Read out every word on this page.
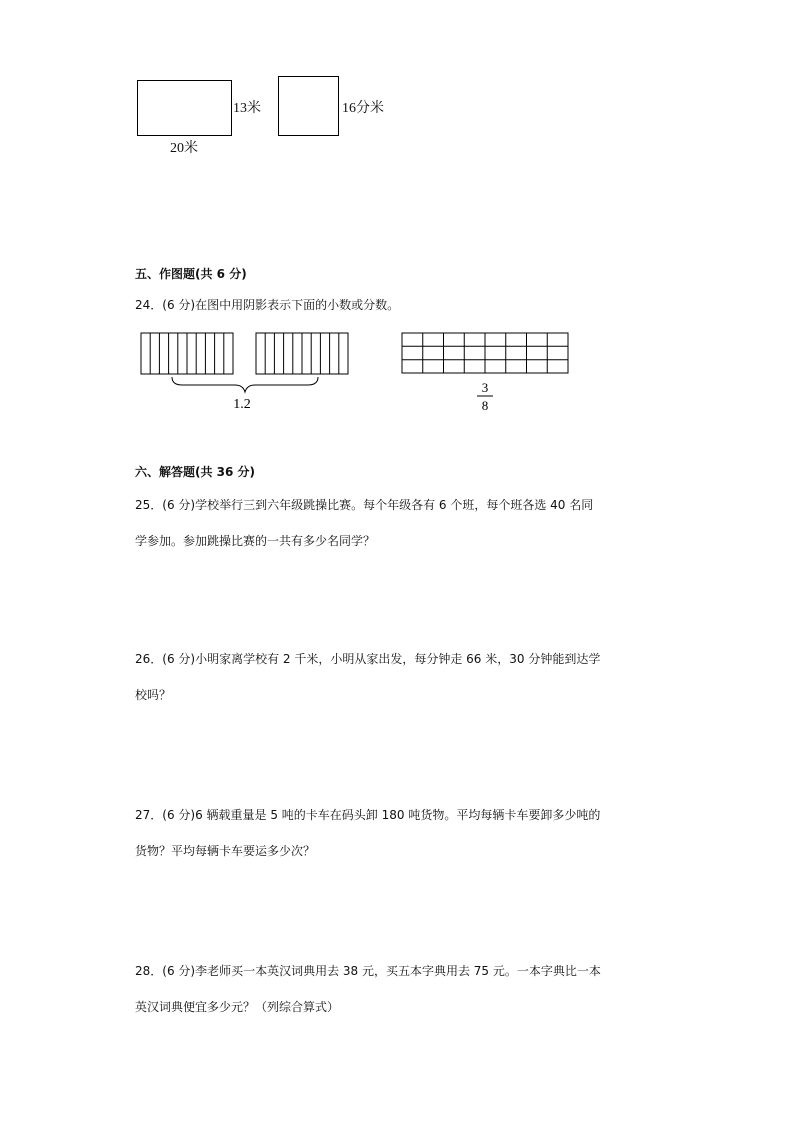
13米
20米
16分米
五、作图题(共 6 分)

24．(6 分)在图中用阴影表示下面的小数或分数。

1.2
3
8
六、解答题(共 36 分)

25．(6 分)学校举行三到六年级跳操比赛。每个年级各有 6 个班，每个班各选 40 名同

学参加。参加跳操比赛的一共有多少名同学？

26．(6 分)小明家离学校有 2 千米，小明从家出发，每分钟走 66 米，30 分钟能到达学

校吗？

27．(6 分)6 辆载重量是 5 吨的卡车在码头卸 180 吨货物。平均每辆卡车要卸多少吨的

货物？平均每辆卡车要运多少次？

28．(6 分)李老师买一本英汉词典用去 38 元，买五本字典用去 75 元。一本字典比一本

英汉词典便宜多少元？（列综合算式）
